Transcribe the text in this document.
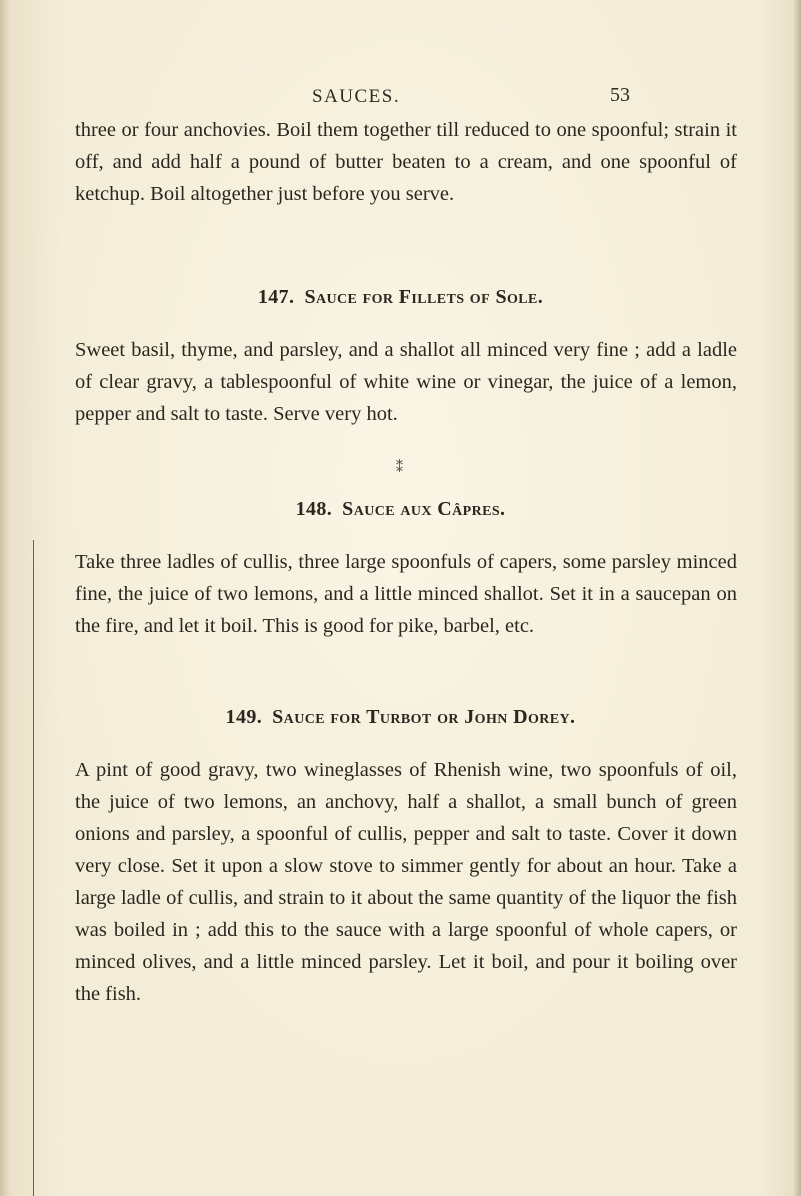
SAUCES.	53

three or four anchovies. Boil them together till reduced to one spoonful; strain it off, and add half a pound of butter beaten to a cream, and one spoonful of ketchup. Boil altogether just before you serve.

147. Sauce for Fillets of Sole.

Sweet basil, thyme, and parsley, and a shallot all minced very fine ; add a ladle of clear gravy, a tablespoonful of white wine or vinegar, the juice of a lemon, pepper and salt to taste. Serve very hot.

⁑
148. Sauce aux Câpres.

Take three ladles of cullis, three large spoonfuls of capers, some parsley minced fine, the juice of two lemons, and a little minced shallot. Set it in a saucepan on the fire, and let it boil. This is good for pike, barbel, etc.

149. Sauce for Turbot or John Dorey.

A pint of good gravy, two wineglasses of Rhenish wine, two spoonfuls of oil, the juice of two lemons, an anchovy, half a shallot, a small bunch of green onions and parsley, a spoonful of cullis, pepper and salt to taste. Cover it down very close. Set it upon a slow stove to simmer gently for about an hour. Take a large ladle of cullis, and strain to it about the same quantity of the liquor the fish was boiled in ; add this to the sauce with a large spoonful of whole capers, or minced olives, and a little minced parsley. Let it boil, and pour it boiling over the fish.
